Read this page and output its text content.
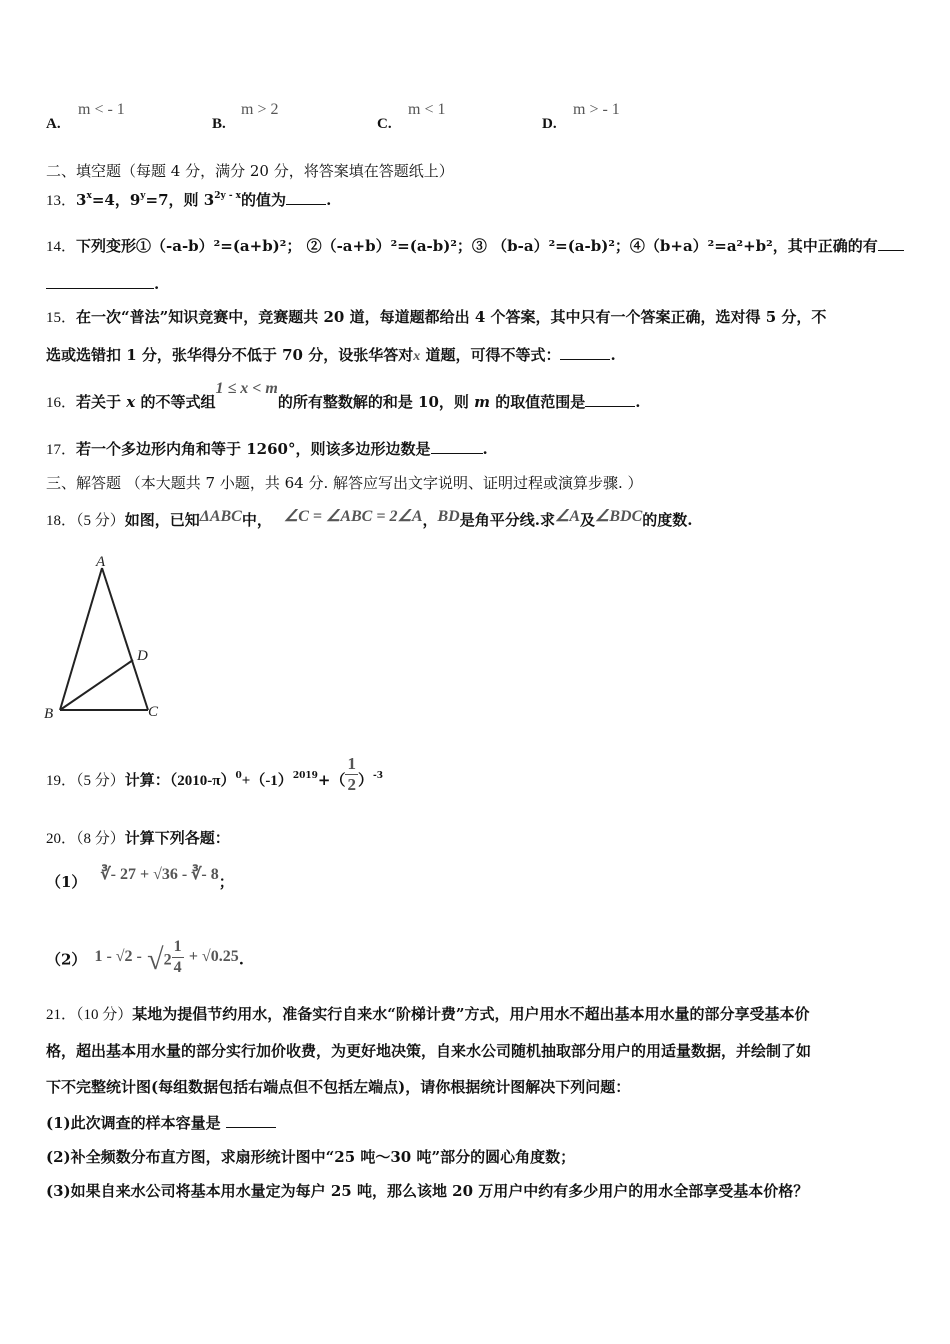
A.
m < - 1
B.
m > 2
C.
m < 1
D.
m > - 1
二、填空题（每题 4 分，满分 20 分，将答案填在答题纸上）
13．$3^x=4$，$9^y=7$，则 $3^{2y - x}$的值为	.
14．下列变形①（-a-b）²=(a+b)²； ②（-a+b）²=(a-b)²；③ （b-a）²=(a-b)²；④（b+a）²=a²+b²，其中正确的有
.
15．在一次“普法”知识竞赛中，竞赛题共 20 道，每道题都给出 4 个答案，其中只有一个答案正确，选对得 5 分，不
选或选错扣 1 分，张华得分不低于 70 分，设张华答对x 道题，可得不等式：	.
16．若关于 x 的不等式组1 ≤ x < m的所有整数解的和是 10，则 m 的取值范围是	.
17．若一个多边形内角和等于 1260°，则该多边形边数是	.
三、解答题 （本大题共 7 小题，共 64 分. 解答应写出文字说明、证明过程或演算步骤. ）
18．（5 分）如图，已知ΔABC中， ∠C = ∠ABC = 2∠A，BD是角平分线.求∠A及∠BDC的度数.
A
B	C
D
19．（5 分）计算：$(2010-\pi)^0+(-1)^{2019}+( \frac{1}{2} )^{-3}$
20．（8 分）计算下列各题：
（1） ∛- 27 + √36 - ∛- 8；
（2） $1 - √2 - √2 \frac{1}{4} + √0.25$.
21．（10 分）某地为提倡节约用水，准备实行自来水“阶梯计费”方式，用户用水不超出基本用水量的部分享受基本价
格，超出基本用水量的部分实行加价收费，为更好地决策，自来水公司随机抽取部分用户的用适量数据，并绘制了如
下不完整统计图(每组数据包括右端点但不包括左端点)，请你根据统计图解决下列问题：
(1)此次调查的样本容量是
(2)补全频数分布直方图，求扇形统计图中“25 吨～30 吨”部分的圆心角度数；
(3)如果自来水公司将基本用水量定为每户 25 吨，那么该地 20 万用户中约有多少用户的用水全部享受基本价格？
